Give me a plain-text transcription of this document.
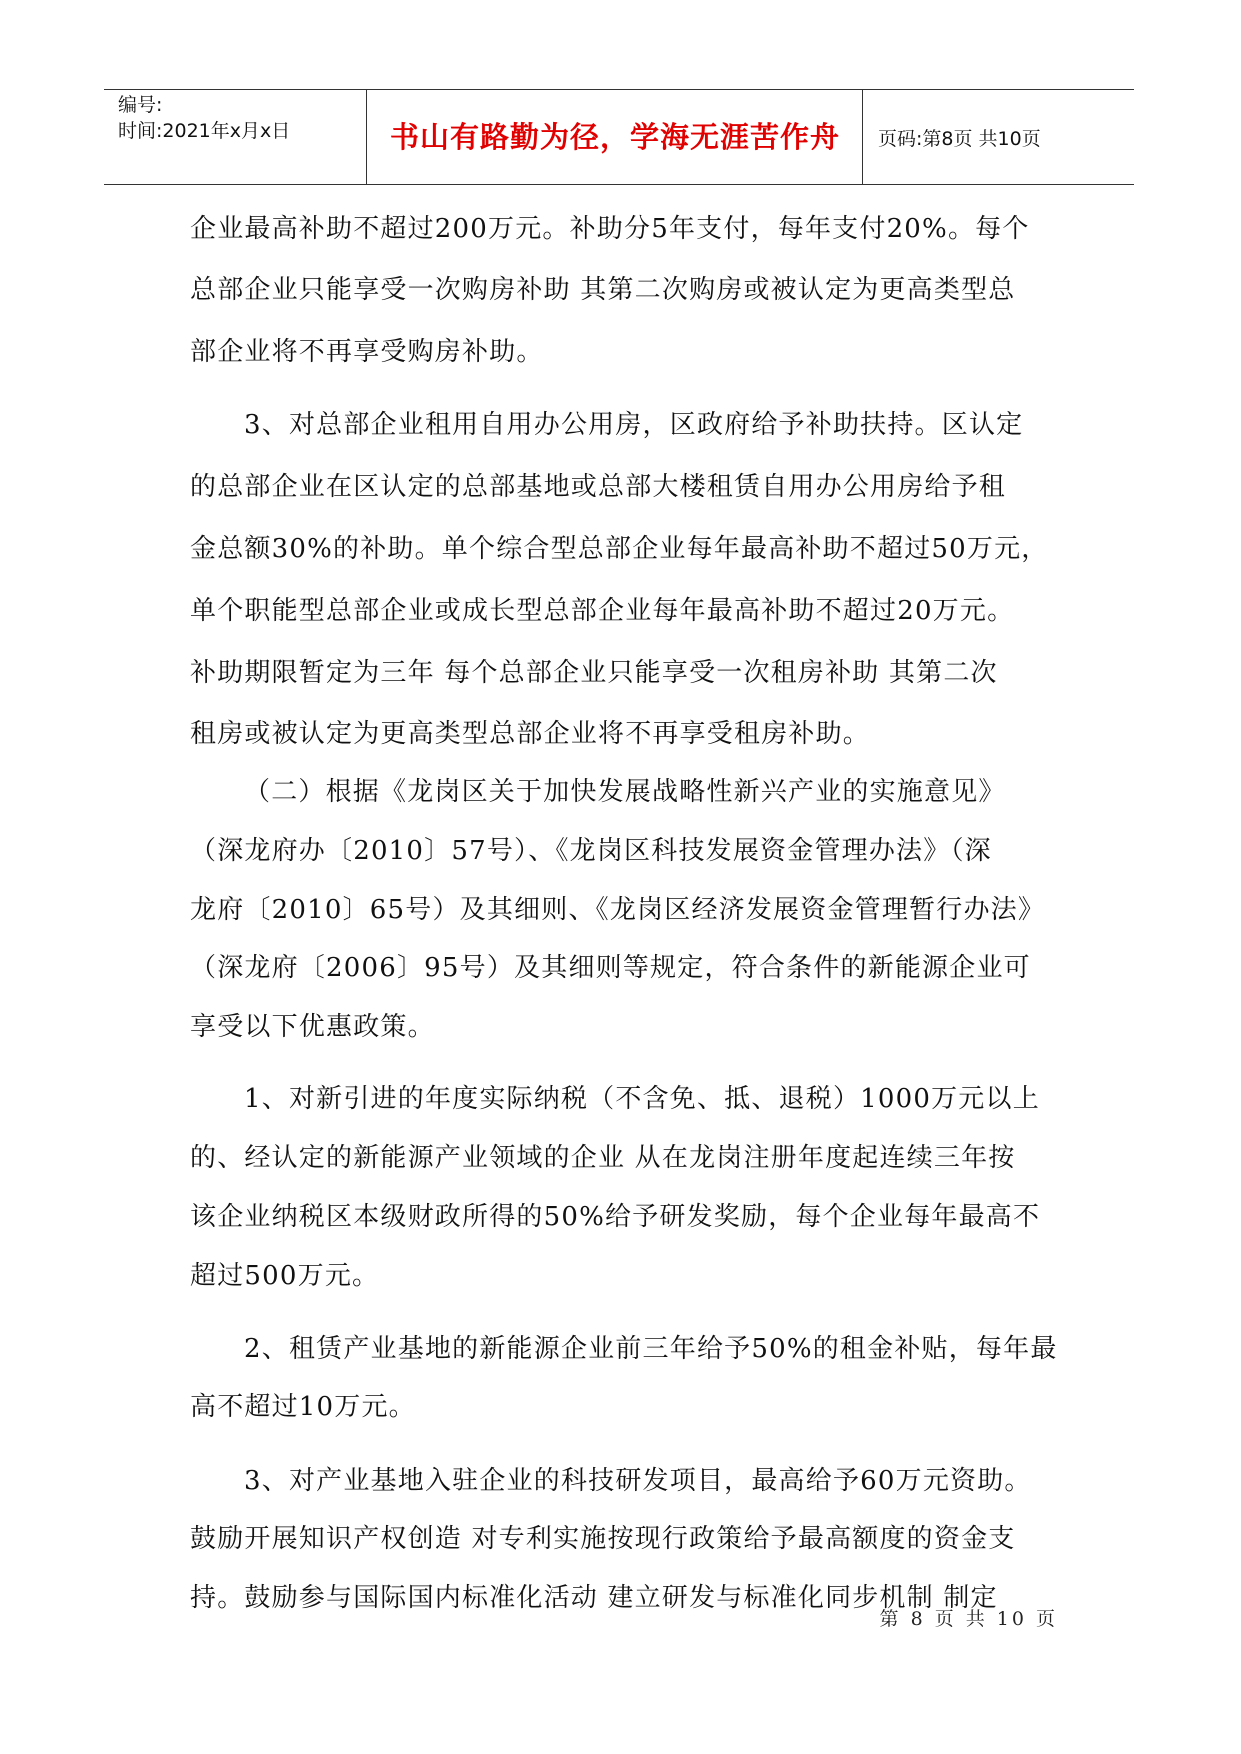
编号:
时间:2021年x月x日	书山有路勤为径，学海无涯苦作舟	页码:第8页 共10页
企业最高补助不超过200万元。补助分5年支付，每年支付20%。每个
总部企业只能享受一次购房补助 其第二次购房或被认定为更高类型总
部企业将不再享受购房补助。
3、对总部企业租用自用办公用房，区政府给予补助扶持。区认定
的总部企业在区认定的总部基地或总部大楼租赁自用办公用房给予租
金总额30%的补助。单个综合型总部企业每年最高补助不超过50万元，
单个职能型总部企业或成长型总部企业每年最高补助不超过20万元。
补助期限暂定为三年 每个总部企业只能享受一次租房补助 其第二次
租房或被认定为更高类型总部企业将不再享受租房补助。
（二）根据《龙岗区关于加快发展战略性新兴产业的实施意见》
（深龙府办〔2010〕57号）、《龙岗区科技发展资金管理办法》（深
龙府〔2010〕65号）及其细则、《龙岗区经济发展资金管理暂行办法》
（深龙府〔2006〕95号）及其细则等规定，符合条件的新能源企业可
享受以下优惠政策。
1、对新引进的年度实际纳税（不含免、抵、退税）1000万元以上
的、经认定的新能源产业领域的企业 从在龙岗注册年度起连续三年按
该企业纳税区本级财政所得的50%给予研发奖励，每个企业每年最高不
超过500万元。
2、租赁产业基地的新能源企业前三年给予50%的租金补贴，每年最
高不超过10万元。
3、对产业基地入驻企业的科技研发项目，最高给予60万元资助。
鼓励开展知识产权创造 对专利实施按现行政策给予最高额度的资金支
持。鼓励参与国际国内标准化活动 建立研发与标准化同步机制 制定
第 8 页 共 10 页
